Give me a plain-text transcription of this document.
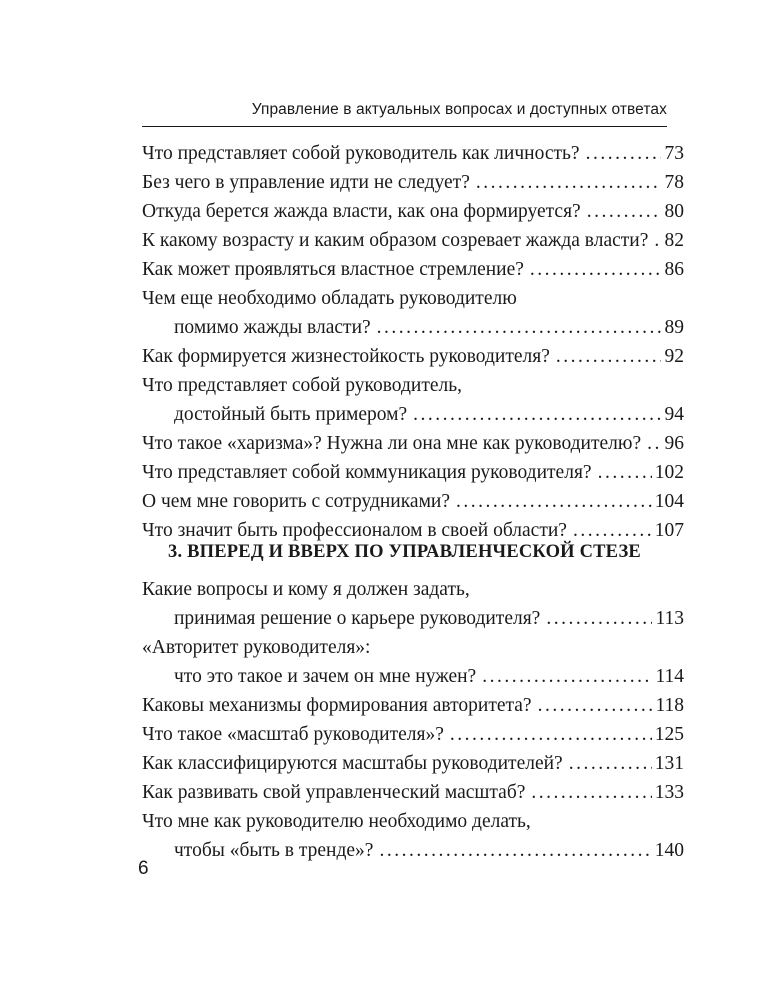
Управление в актуальных вопросах и доступных ответах
Что представляет собой руководитель как личность? .....	73
Без чего в управление идти не следует? .....	78
Откуда берется жажда власти, как она формируется? .....	80
К какому возрасту и каким образом созревает жажда власти? ..... 82
Как может проявляться властное стремление? .....	86
Чем еще необходимо обладать руководителю
помимо жажды власти? .....	89
Как формируется жизнестойкость руководителя? .....	92
Что представляет собой руководитель,
достойный быть примером? .....	94
Что такое «харизма»? Нужна ли она мне как руководителю? ..... 96
Что представляет собой коммуникация руководителя? .....	102
О чем мне говорить с сотрудниками? .....	104
Что значит быть профессионалом в своей области? .....	107
3. ВПЕРЕД И ВВЕРХ ПО УПРАВЛЕНЧЕСКОЙ СТЕЗЕ
Какие вопросы и кому я должен задать,
принимая решение о карьере руководителя? .....	113
«Авторитет руководителя»:
что это такое и зачем он мне нужен? .....	114
Каковы механизмы формирования авторитета? .....	118
Что такое «масштаб руководителя»? .....	125
Как классифицируются масштабы руководителей? .....	131
Как развивать свой управленческий масштаб? .....	133
Что мне как руководителю необходимо делать,
чтобы «быть в тренде»? .....	140
6
